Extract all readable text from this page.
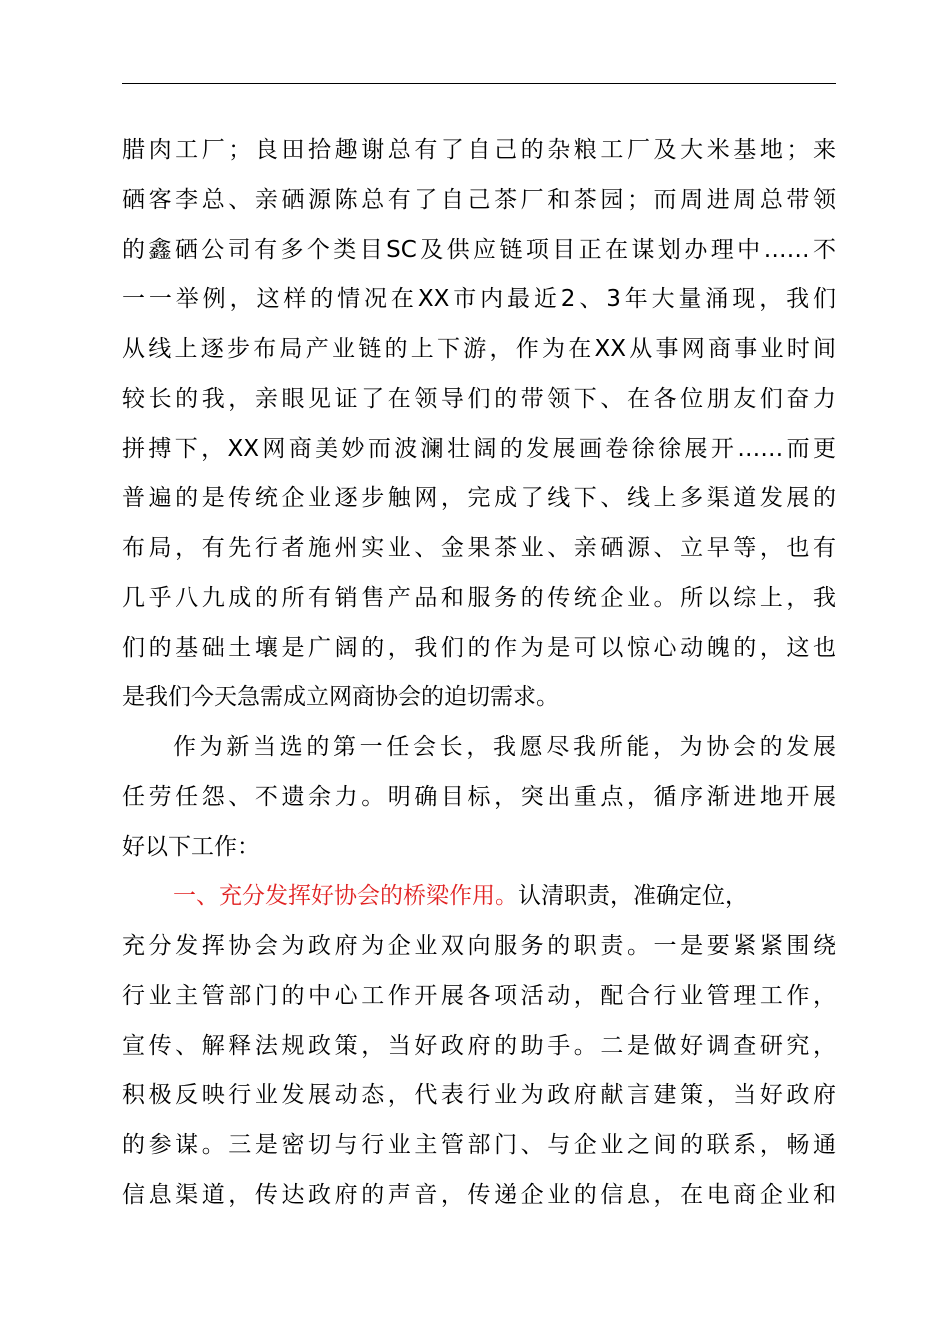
腊肉工厂；良田拾趣谢总有了自己的杂粮工厂及大米基地；来
硒客李总、亲硒源陈总有了自己茶厂和茶园；而周进周总带领
的鑫硒公司有多个类目SC及供应链项目正在谋划办理中……不
一一举例，这样的情况在XX市内最近2、3年大量涌现，我们
从线上逐步布局产业链的上下游，作为在XX从事网商事业时间
较长的我，亲眼见证了在领导们的带领下、在各位朋友们奋力
拼搏下，XX网商美妙而波澜壮阔的发展画卷徐徐展开……而更
普遍的是传统企业逐步触网，完成了线下、线上多渠道发展的
布局，有先行者施州实业、金果茶业、亲硒源、立早等，也有
几乎八九成的所有销售产品和服务的传统企业。所以综上，我
们的基础土壤是广阔的，我们的作为是可以惊心动魄的，这也
是我们今天急需成立网商协会的迫切需求。
作为新当选的第一任会长，我愿尽我所能，为协会的发展
任劳任怨、不遗余力。明确目标，突出重点，循序渐进地开展
好以下工作：
一、充分发挥好协会的桥梁作用。认清职责，准确定位，
充分发挥协会为政府为企业双向服务的职责。一是要紧紧围绕
行业主管部门的中心工作开展各项活动，配合行业管理工作，
宣传、解释法规政策，当好政府的助手。二是做好调查研究，
积极反映行业发展动态，代表行业为政府献言建策，当好政府
的参谋。三是密切与行业主管部门、与企业之间的联系，畅通
信息渠道，传达政府的声音，传递企业的信息，在电商企业和
